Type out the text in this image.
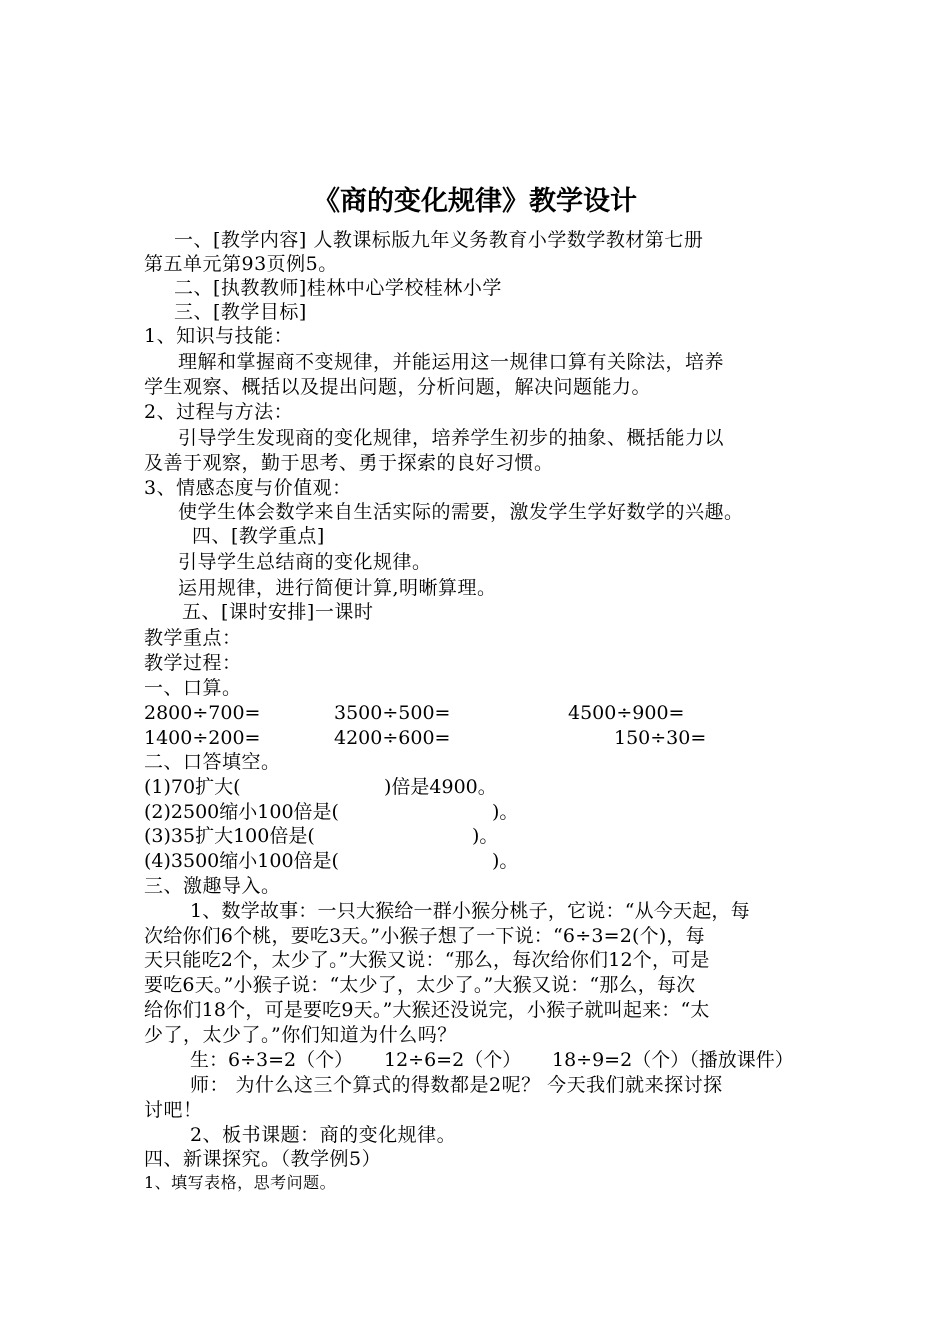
《商的变化规律》教学设计

一、[教学内容] 人教课标版九年义务教育小学数学教材第七册

第五单元第93页例5。

二、[执教教师]桂林中心学校桂林小学

三、[教学目标]

1、知识与技能：

理解和掌握商不变规律，并能运用这一规律口算有关除法，培养

学生观察、概括以及提出问题，分析问题，解决问题能力。

2、过程与方法：

引导学生发现商的变化规律，培养学生初步的抽象、概括能力以

及善于观察，勤于思考、勇于探索的良好习惯。

3、情感态度与价值观：

使学生体会数学来自生活实际的需要，激发学生学好数学的兴趣。

四、[教学重点]

引导学生总结商的变化规律。

运用规律，进行简便计算,明晰算理。

五、[课时安排]一课时

教学重点：

教学过程：

一、口算。

2800÷700=	3500÷500=	4500÷900=
1400÷200=	4200÷600=	150÷30=

二、口答填空。

(1)70扩大(	)倍是4900。
(2)2500缩小100倍是(	)。
(3)35扩大100倍是(	)。
(4)3500缩小100倍是(	)。

三、激趣导入。

1、数学故事：一只大猴给一群小猴分桃子，它说：“从今天起，每

次给你们6个桃，要吃3天。”小猴子想了一下说：“6÷3=2(个)，每

天只能吃2个，太少了。”大猴又说：“那么，每次给你们12个，可是

要吃6天。”小猴子说：“太少了，太少了。”大猴又说：“那么，每次

给你们18个，可是要吃9天。”大猴还没说完，小猴子就叫起来：“太

少了，太少了。”你们知道为什么吗？

生：6÷3=2（个） 12÷6=2（个） 18÷9=2（个）（播放课件）

师： 为什么这三个算式的得数都是2呢？ 今天我们就来探讨探

讨吧！

2、板书课题：商的变化规律。

四、新课探究。（教学例5）

1、填写表格，思考问题。
